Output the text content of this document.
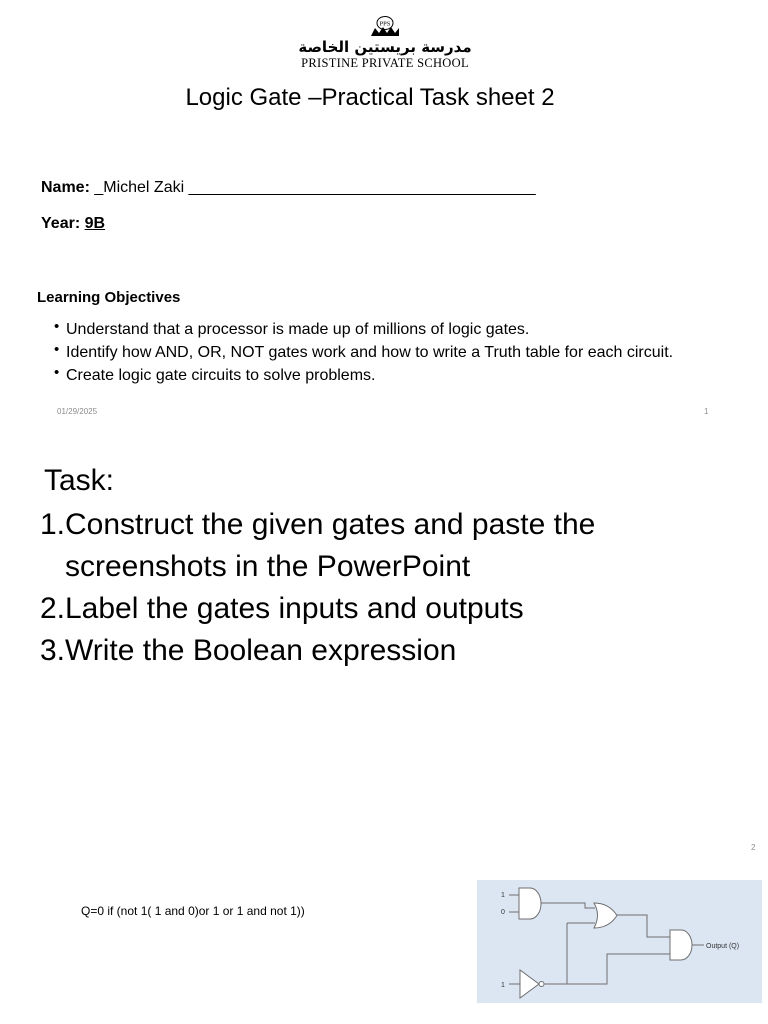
PPS
مدرسة بريستين الخاصة
PRISTINE PRIVATE SCHOOL
Logic Gate –Practical Task sheet 2
Name: _Michel Zaki _______________________________________
Year: 9B
Learning Objectives
• Understand that a processor is made up of millions of logic gates.
• Identify how AND, OR, NOT gates work and how to write a Truth table for each circuit.
• Create logic gate circuits to solve problems.
01/29/2025	1
Task:
1. Construct the given gates and paste the screenshots in the PowerPoint
2. Label the gates inputs and outputs
3. Write the Boolean expression
2
Q=0 if (not 1( 1 and 0)or 1 or 1 and not 1))
1
0
1
Output (Q)
